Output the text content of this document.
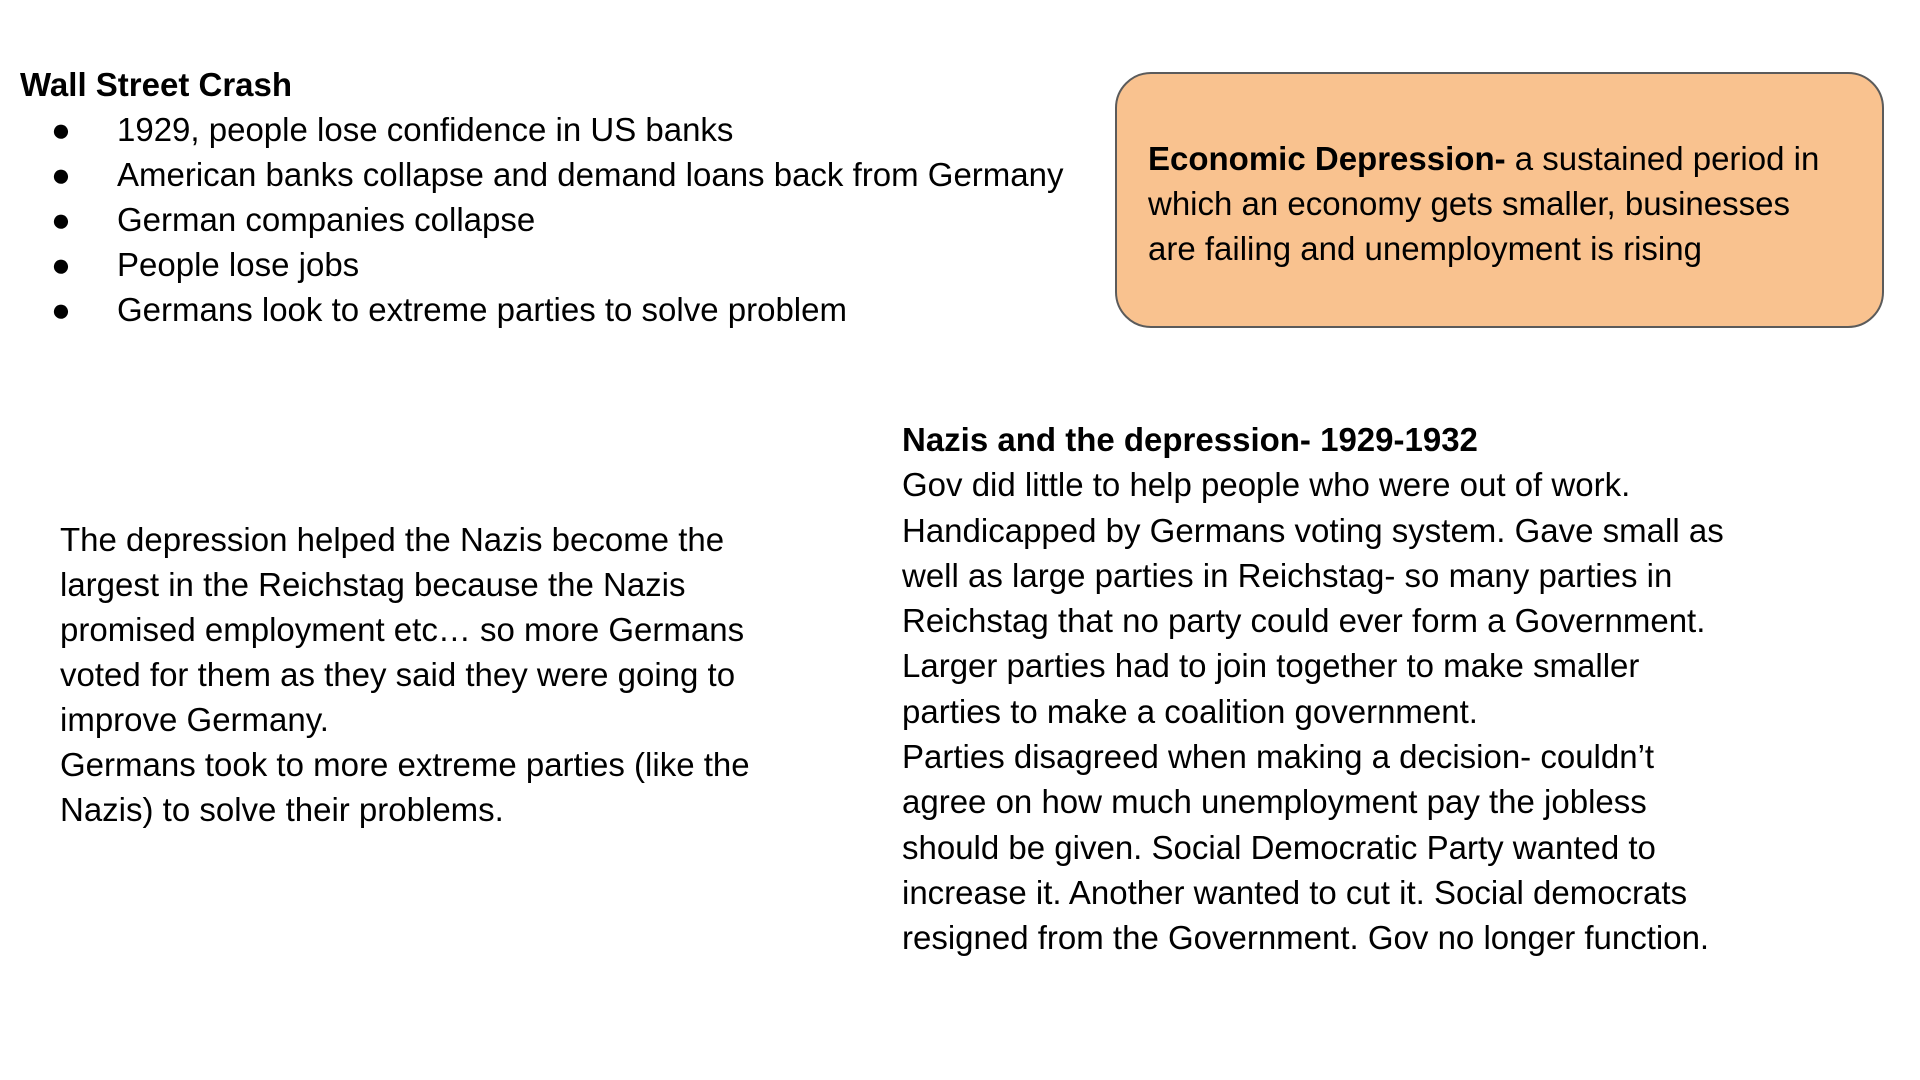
Wall Street Crash
● 1929, people lose confidence in US banks
● American banks collapse and demand loans back from Germany
● German companies collapse
● People lose jobs
● Germans look to extreme parties to solve problem
Economic Depression- a sustained period in
which an economy gets smaller, businesses
are failing and unemployment is rising
The depression helped the Nazis become the
largest in the Reichstag because the Nazis
promised employment etc… so more Germans
voted for them as they said they were going to
improve Germany.
Germans took to more extreme parties (like the
Nazis) to solve their problems.
Nazis and the depression- 1929-1932
Gov did little to help people who were out of work.
Handicapped by Germans voting system. Gave small as
well as large parties in Reichstag- so many parties in
Reichstag that no party could ever form a Government.
Larger parties had to join together to make smaller
parties to make a coalition government.
Parties disagreed when making a decision- couldn’t
agree on how much unemployment pay the jobless
should be given. Social Democratic Party wanted to
increase it. Another wanted to cut it. Social democrats
resigned from the Government. Gov no longer function.
